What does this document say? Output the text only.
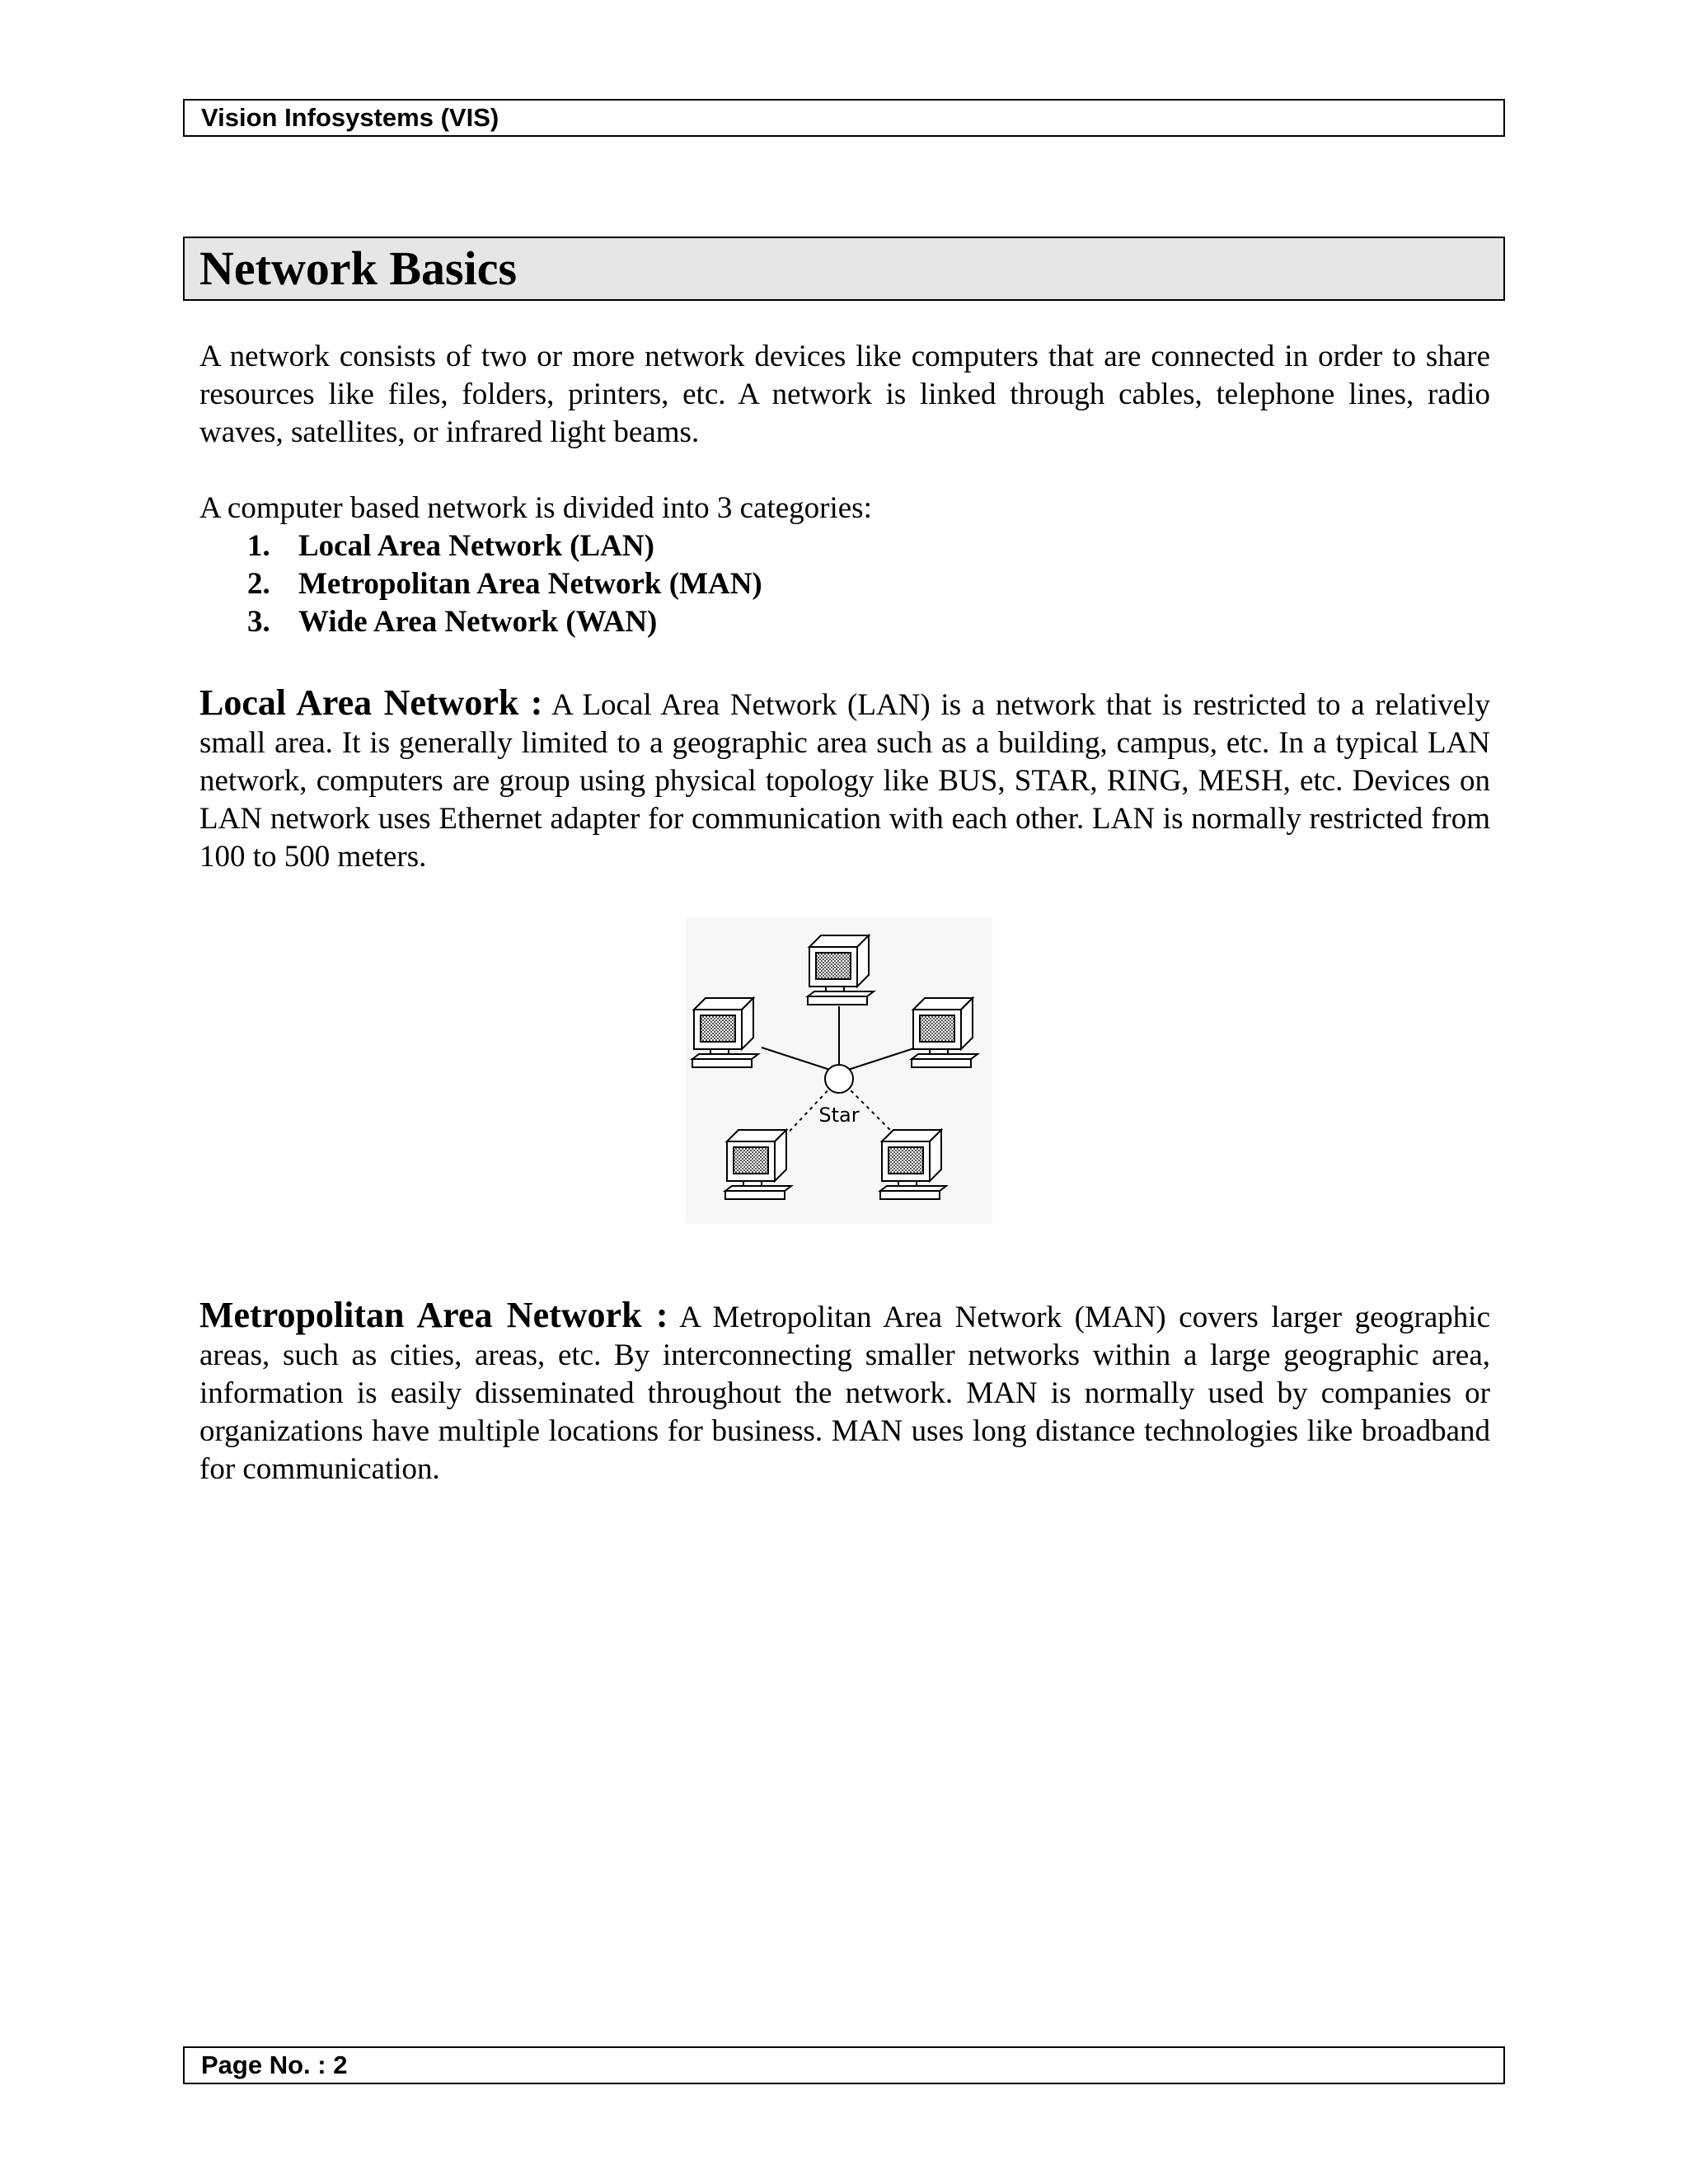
Vision Infosystems (VIS)
Network Basics

A network consists of two or more network devices like computers that are connected in order to share resources like files, folders, printers, etc. A network is linked through cables, telephone lines, radio waves, satellites, or infrared light beams.

A computer based network is divided into 3 categories:

1. Local Area Network (LAN)
2. Metropolitan Area Network (MAN)
3. Wide Area Network (WAN)

Local Area Network : A Local Area Network (LAN) is a network that is restricted to a relatively small area. It is generally limited to a geographic area such as a building, campus, etc. In a typical LAN network, computers are group using physical topology like BUS, STAR, RING, MESH, etc. Devices on LAN network uses Ethernet adapter for communication with each other. LAN is normally restricted from 100 to 500 meters.

Star

Metropolitan Area Network : A Metropolitan Area Network (MAN) covers larger geographic areas, such as cities, areas, etc. By interconnecting smaller networks within a large geographic area, information is easily disseminated throughout the network. MAN is normally used by companies or organizations have multiple locations for business. MAN uses long distance technologies like broadband for communication.

Page No. : 2
